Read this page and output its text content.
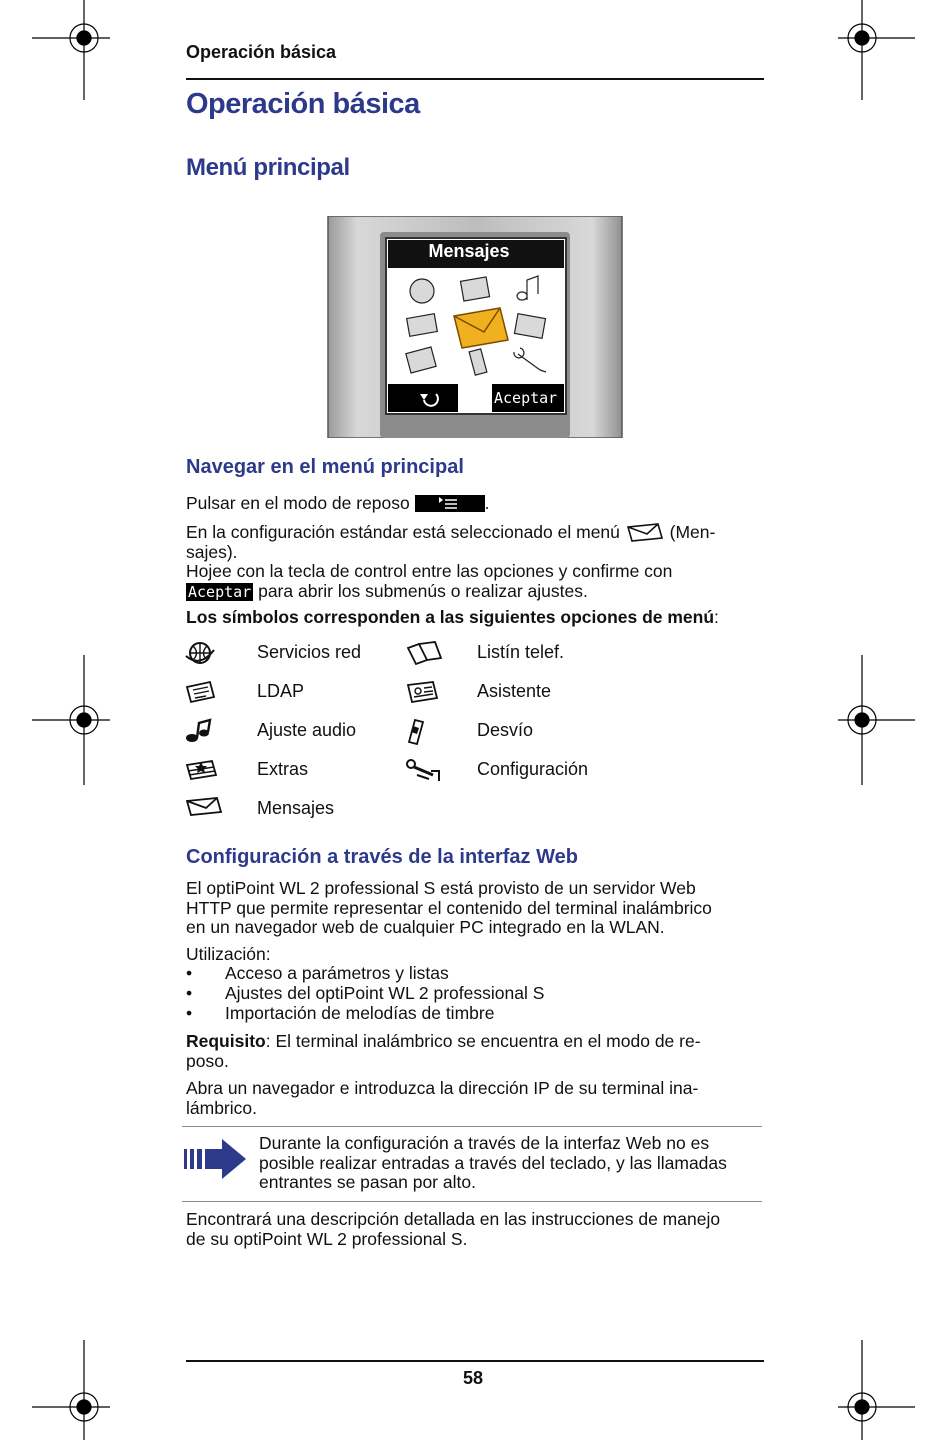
Operación básica
Operación básica
Menú principal
Mensajes
Aceptar
Navegar en el menú principal
Pulsar en el modo de reposo	.
En la configuración estándar está seleccionado el menú	(Men-
sajes).
Hojee con la tecla de control entre las opciones y confirme con
Aceptar para abrir los submenús o realizar ajustes.
Los símbolos corresponden a las siguientes opciones de menú:
Servicios red	Listín telef.
LDAP	Asistente
Ajuste audio	Desvío
Extras	Configuración
Mensajes
Configuración a través de la interfaz Web
El optiPoint WL 2 professional S está provisto de un servidor Web
HTTP que permite representar el contenido del terminal inalámbrico
en un navegador web de cualquier PC integrado en la WLAN.
Utilización:
• Acceso a parámetros y listas
• Ajustes del optiPoint WL 2 professional S
• Importación de melodías de timbre
Requisito: El terminal inalámbrico se encuentra en el modo de re-
poso.
Abra un navegador e introduzca la dirección IP de su terminal ina-
lámbrico.
Durante la configuración a través de la interfaz Web no es
posible realizar entradas a través del teclado, y las llamadas
entrantes se pasan por alto.
Encontrará una descripción detallada en las instrucciones de manejo
de su optiPoint WL 2 professional S.
58
